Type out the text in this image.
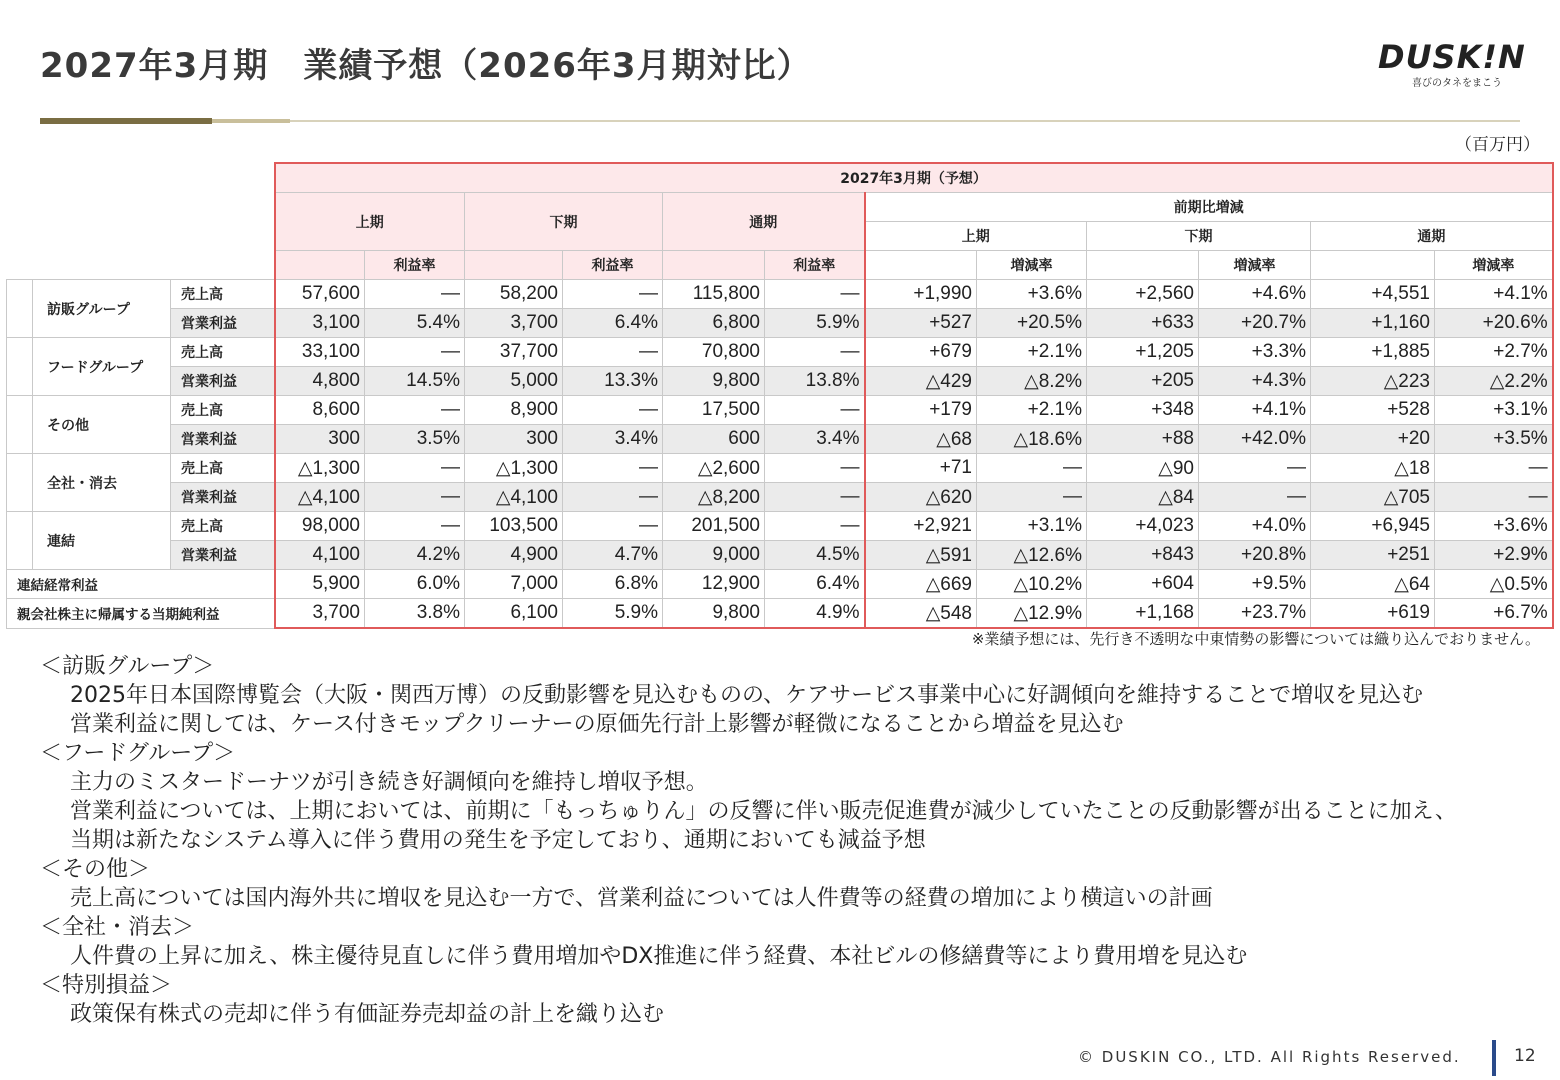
2027年3月期　業績予想（2026年3月期対比）	DUSK!N
喜びのタネをまこう
（百万円）
			2027年3月期（予想）											
			上期		下期		通期		前期比増減					
									上期		下期		通期	
				利益率		利益率		利益率		増減率		増減率		増減率
	訪販グループ	売上高	57,600	―	58,200	―	115,800	―	+1,990	+3.6%	+2,560	+4.6%	+4,551	+4.1%
		営業利益	3,100	5.4%	3,700	6.4%	6,800	5.9%	+527	+20.5%	+633	+20.7%	+1,160	+20.6%
	フードグループ	売上高	33,100	―	37,700	―	70,800	―	+679	+2.1%	+1,205	+3.3%	+1,885	+2.7%
		営業利益	4,800	14.5%	5,000	13.3%	9,800	13.8%	△429	△8.2%	+205	+4.3%	△223	△2.2%
	その他	売上高	8,600	―	8,900	―	17,500	―	+179	+2.1%	+348	+4.1%	+528	+3.1%
		営業利益	300	3.5%	300	3.4%	600	3.4%	△68	△18.6%	+88	+42.0%	+20	+3.5%
	全社・消去	売上高	△1,300	―	△1,300	―	△2,600	―	+71	―	△90	―	△18	―
		営業利益	△4,100	―	△4,100	―	△8,200	―	△620	―	△84	―	△705	―
	連結	売上高	98,000	―	103,500	―	201,500	―	+2,921	+3.1%	+4,023	+4.0%	+6,945	+3.6%
		営業利益	4,100	4.2%	4,900	4.7%	9,000	4.5%	△591	△12.6%	+843	+20.8%	+251	+2.9%
連結経常利益			5,900	6.0%	7,000	6.8%	12,900	6.4%	△669	△10.2%	+604	+9.5%	△64	△0.5%
親会社株主に帰属する当期純利益			3,700	3.8%	6,100	5.9%	9,800	4.9%	△548	△12.9%	+1,168	+23.7%	+619	+6.7%
※業績予想には、先行き不透明な中東情勢の影響については織り込んでおりません。
＜訪販グループ＞
2025年日本国際博覧会（大阪・関西万博）の反動影響を見込むものの、ケアサービス事業中心に好調傾向を維持することで増収を見込む
営業利益に関しては、ケース付きモップクリーナーの原価先行計上影響が軽微になることから増益を見込む
＜フードグループ＞
主力のミスタードーナツが引き続き好調傾向を維持し増収予想。
営業利益については、上期においては、前期に「もっちゅりん」の反響に伴い販売促進費が減少していたことの反動影響が出ることに加え、
当期は新たなシステム導入に伴う費用の発生を予定しており、通期においても減益予想
＜その他＞
売上高については国内海外共に増収を見込む一方で、営業利益については人件費等の経費の増加により横這いの計画
＜全社・消去＞
人件費の上昇に加え、株主優待見直しに伴う費用増加やDX推進に伴う経費、本社ビルの修繕費等により費用増を見込む
＜特別損益＞
政策保有株式の売却に伴う有価証券売却益の計上を織り込む
© DUSKIN CO., LTD. All Rights Reserved.	12
